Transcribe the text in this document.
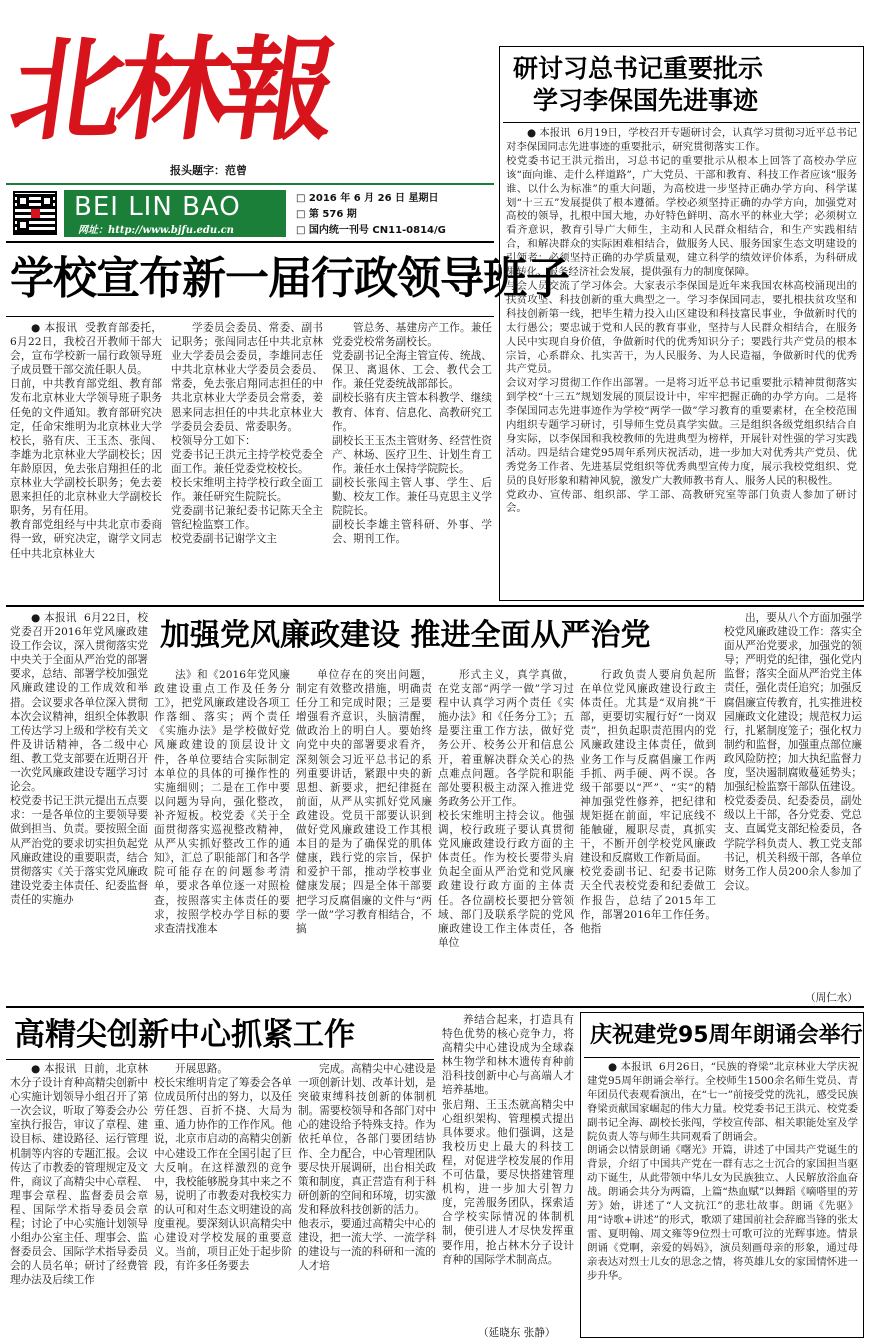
北林報
报头题字：范曾
BEI LIN BAO
网址：http://www.bjfu.edu.cn
□ 2016 年 6 月 26 日 星期日
□ 第 576 期
□ 国内统一刊号 CN11-0814/G
研讨习总书记重要批示
学习李保国先进事迹

● 本报讯  6月19日，学校召开专题研讨会，认真学习贯彻习近平总书记对李保国同志先进事迹的重要批示，研究贯彻落实工作。
校党委书记王洪元指出，习总书记的重要批示从根本上回答了高校办学应该“面向谁、走什么样道路”，广大党员、干部和教育、科技工作者应该“服务谁、以什么为标准”的重大问题，为高校进一步坚持正确办学方向、科学谋划“十三五”发展提供了根本遵循。学校必须坚持正确的办学方向，加强党对高校的领导，扎根中国大地，办好特色鲜明、高水平的林业大学；必须树立看齐意识，教育引导广大师生，主动和人民群众相结合，和生产实践相结合，和解决群众的实际困难相结合，做服务人民、服务国家生态文明建设的引领者；必须坚持正确的办学质量观，建立科学的绩效评价体系，为科研成果转化、服务经济社会发展，提供强有力的制度保障。
与会人员交流了学习体会。大家表示李保国是近年来我国农林高校涌现出的扶贫攻坚、科技创新的重大典型之一。学习李保国同志，要扎根扶贫攻坚和科技创新第一线，把毕生精力投入山区建设和科技富民事业，争做新时代的太行愚公；要忠诚于党和人民的教育事业，坚持与人民群众相结合，在服务人民中实现自身价值，争做新时代的优秀知识分子；要践行共产党员的根本宗旨，心系群众、扎实苦干，为人民服务、为人民造福，争做新时代的优秀共产党员。
会议对学习贯彻工作作出部署。一是将习近平总书记重要批示精神贯彻落实到学校“十三五”规划发展的顶层设计中，牢牢把握正确的办学方向。二是将李保国同志先进事迹作为学校“两学一做”学习教育的重要素材，在全校范围内组织专题学习研讨，引导师生党员真学实做。三是组织各级党组织结合自身实际，以李保国和我校教师的先进典型为榜样，开展针对性强的学习实践活动。四是结合建党95周年系列庆祝活动，进一步加大对优秀共产党员、优秀党务工作者、先进基层党组织等优秀典型宣传力度，展示我校党组织、党员的良好形象和精神风貌，激发广大教师教书育人、服务人民的积极性。
党政办、宣传部、组织部、学工部、高教研究室等部门负责人参加了研讨会。

学校宣布新一届行政领导班子

● 本报讯  受教育部委托，6月22日，我校召开教师干部大会，宣布学校新一届行政领导班子成员暨干部交流任职人员。
日前，中共教育部党组、教育部发布北京林业大学领导班子职务任免的文件通知。教育部研究决定，任命宋维明为北京林业大学校长，骆有庆、王玉杰、张闯、李雄为北京林业大学副校长；因年龄原因，免去张启翔担任的北京林业大学副校长职务；免去姜恩来担任的北京林业大学副校长职务，另有任用。
教育部党组经与中共北京市委商得一致，研究决定，谢学文同志任中共北京林业大

学委员会委员、常委、副书记职务；张闯同志任中共北京林业大学委员会委员，李雄同志任中共北京林业大学委员会委员、常委，免去张启翔同志担任的中共北京林业大学委员会常委，姜恩来同志担任的中共北京林业大学委员会委员、常委职务。
校领导分工如下：
党委书记王洪元主持学校党委全面工作。兼任党委党校校长。
校长宋维明主持学校行政全面工作。兼任研究生院院长。
党委副书记兼纪委书记陈天全主管纪检监察工作。
校党委副书记谢学文主

管总务、基建房产工作。兼任党委党校常务副校长。
党委副书记全海主管宣传、统战、保卫、离退休、工会、教代会工作。兼任党委统战部部长。
副校长骆有庆主管本科教学、继续教育、体育、信息化、高教研究工作。
副校长王玉杰主管财务、经营性资产、林场、医疗卫生、计划生育工作。兼任水土保持学院院长。
副校长张闯主管人事、学生、后勤、校友工作。兼任马克思主义学院院长。
副校长李雄主管科研、外事、学会、期刊工作。

● 本报讯  6月22日，校党委召开2016年党风廉政建设工作会议，深入贯彻落实党中央关于全面从严治党的部署要求，总结、部署学校加强党风廉政建设的工作成效和举措。会议要求各单位深入贯彻本次会议精神，组织全体教职工传达学习上级和学校有关文件及讲话精神，各二级中心组、教工党支部要在近期召开一次党风廉政建设专题学习讨论会。
校党委书记王洪元提出五点要求：一是各单位的主要领导要做到担当、负责。要按照全面从严治党的要求切实担负起党风廉政建设的重要职责，结合贯彻落实《关于落实党风廉政建设党委主体责任、纪委监督责任的实施办

加强党风廉政建设 推进全面从严治党

法》和《2016年党风廉政建设重点工作及任务分工》，把党风廉政建设各项工作落细、落实；两个责任《实施办法》是学校做好党风廉政建设的顶层设计文件，各单位要结合实际制定本单位的具体的可操作性的实施细则；二是在工作中要以问题为导向，强化整改，补齐短板。校党委《关于全面贯彻落实巡视整改精神，从严从实抓好整改工作的通知》，汇总了职能部门和各学院可能存在的问题参考清单，要求各单位逐一对照检查，按照落实主体责任的要求，按照学校办学目标的要求查清找准本

单位存在的突出问题，制定有效整改措施，明确责任分工和完成时限；三是要增强看齐意识，头脑清醒，做政治上的明白人。要始终向党中央的部署要求看齐，深刻领会习近平总书记的系列重要讲话，紧跟中央的新思想、新要求，把纪律挺在前面，从严从实抓好党风廉政建设。党员干部要认识到做好党风廉政建设工作其根本目的是为了确保党的肌体健康，践行党的宗旨，保护和爱护干部，推动学校事业健康发展；四是全体干部要把学习反腐倡廉的文件与“两学一做”学习教育相结合，不搞

形式主义，真学真做，在党支部“两学一做”学习过程中认真学习两个责任《实施办法》和《任务分工》；五是要注重工作方法，做好党务公开、校务公开和信息公开，着重解决群众关心的热点难点问题。各学院和职能部处要积极主动深入推进党务政务公开工作。
校长宋维明主持会议。他强调，校行政班子要认真贯彻党风廉政建设行政方面的主体责任。作为校长要带头肩负起全面从严治党和党风廉政建设行政方面的主体责任。各位副校长要把分管领域、部门及联系学院的党风廉政建设工作主体责任，各单位

行政负责人要肩负起所在单位党风廉政建设行政主体责任。尤其是“双肩挑”干部，更要切实履行好“一岗双责”，担负起职责范围内的党风廉政建设主体责任，做到业务工作与反腐倡廉工作两手抓、两手硬、两不误。各级干部要以“严”、“实”的精神加强党性修养，把纪律和规矩挺在前面，牢记底线不能触碰，履职尽责，真抓实干，不断开创学校党风廉政建设和反腐败工作新局面。
校党委副书记、纪委书记陈天全代表校党委和纪委做工作报告，总结了2015年工作，部署2016年工作任务。他指

出，要从八个方面加强学校党风廉政建设工作：落实全面从严治党要求，加强党的领导；严明党的纪律，强化党内监督；落实全面从严治党主体责任，强化责任追究；加强反腐倡廉宣传教育，扎实推进校园廉政文化建设；规范权力运行，扎紧制度笼子；强化权力制约和监督，加强重点部位廉政风险防控；加大执纪监督力度，坚决遏制腐败蔓延势头；加强纪检监察干部队伍建设。
校党委委员、纪委委员，副处级以上干部，各分党委、党总支、直属党支部纪检委员，各学院学科负责人、教工党支部书记，机关科级干部，各单位财务工作人员200余人参加了会议。

（周仁水）
高精尖创新中心抓紧工作

● 本报讯  日前，北京林木分子设计育种高精尖创新中心实施计划领导小组召开了第一次会议，听取了筹委会办公室执行报告，审议了章程、建设目标、建设路径、运行管理机制等内容的专题汇报。会议传达了市教委的管理规定及文件，商议了高精尖中心章程、理事会章程、监督委员会章程、国际学术指导委员会章程；讨论了中心实施计划领导小组办公室主任、理事会、监督委员会、国际学术指导委员会的人员名单；研讨了经费管理办法及后续工作

开展思路。
校长宋维明肯定了筹委会各单位成员所付出的努力，以及任劳任怨、百折不挠、大局为重、通力协作的工作作风。他说，北京市启动的高精尖创新中心建设工作在全国引起了巨大反响。在这样激烈的竞争中，我校能够脱身其中来之不易，说明了市教委对我校实力的认可和对生态文明建设的高度重视。要深刻认识高精尖中心建设对学校发展的重要意义。当前，项目正处于起步阶段，有许多任务要去

完成。高精尖中心建设是一项创新计划、改革计划，是突破束缚科技创新的体制机制。需要校领导和各部门对中心的建设给予特殊支持。作为依托单位，各部门要团结协作、全力配合，中心管理团队要尽快开展调研，出台相关政策和制度，真正营造有利于科研创新的空间和环境，切实激发和释放科技创新的活力。
他表示，要通过高精尖中心的建设，把一流大学、一流学科的建设与一流的科研和一流的人才培

养结合起来，打造具有特色优势的核心竞争力，将高精尖中心建设成为全球森林生物学和林木遗传育种前沿科技创新中心与高端人才培养基地。
张启翔、王玉杰就高精尖中心组织架构、管理模式提出具体要求。他们强调，这是我校历史上最大的科技工程，对促进学校发展的作用不可估量，要尽快搭建管理机构，进一步加大引智力度，完善服务团队，探索适合学校实际情况的体制机制，使引进人才尽快发挥重要作用，抢占林木分子设计育种的国际学术制高点。

（延晓东 张静）
庆祝建党95周年朗诵会举行

● 本报讯  6月26日，“民族的脊梁”北京林业大学庆祝建党95周年朗诵会举行。全校师生1500余名师生党员、青年团员代表观看演出，在“七一”前接受党的洗礼，感受民族脊梁贡献国家崛起的伟大力量。校党委书记王洪元、校党委副书记全海、副校长张闯，学校宣传部、相关职能处室及学院负责人等与师生共同观看了朗诵会。
朗诵会以情景朗诵《曙光》开篇，讲述了中国共产党诞生的背景，介绍了中国共产党在一群有志之士沉合的家国担当驱动下诞生，从此带领中华儿女为民族独立、人民解放浴血奋战。朗诵会共分为两篇，上篇“热血赋”以舞蹈《嘀嗒里的芳芳》始，讲述了“人文抗江”的悲壮故事。朗诵《先驱》用“诗歌+讲述”的形式，歌颂了建国前社会辞廊当锋的张太雷、夏明翰、周文雍等9位烈士可歌可泣的光辉事迹。情景朗诵《党啊，亲爱的妈妈》，演员刻画母亲的形象，通过母亲表达对烈士儿女的思念之情，将英雄儿女的家国情怀进一步升华。
